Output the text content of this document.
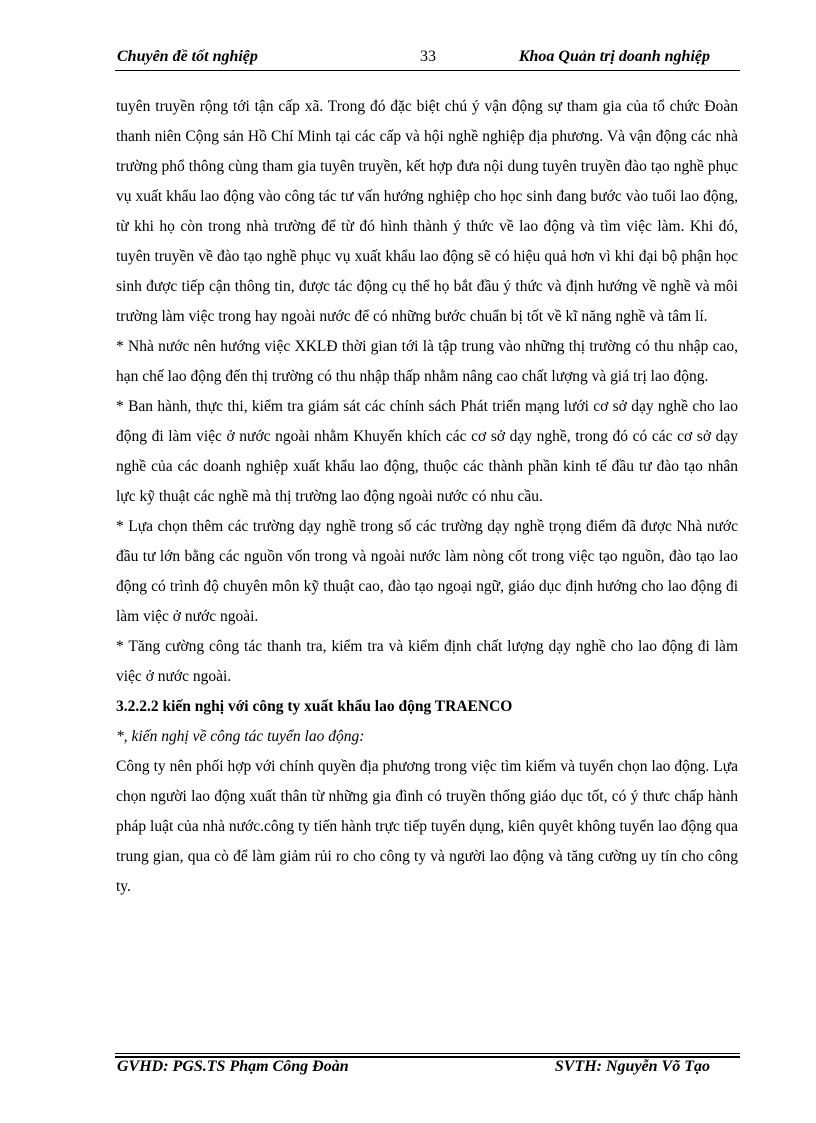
Chuyên đề tốt nghiệp	33	Khoa Quản trị doanh nghiệp

tuyên truyền rộng tới tận cấp xã. Trong đó đặc biệt chú ý vận động sự tham gia của tổ chức Đoàn thanh niên Cộng sản Hồ Chí Minh tại các cấp và hội nghề nghiệp địa phương. Và vận động các nhà trường phổ thông cùng tham gia tuyên truyền, kết hợp đưa nội dung tuyên truyền đào tạo nghề phục vụ xuất khẩu lao động vào công tác tư vấn hướng nghiệp cho học sinh đang bước vào tuổi lao động, từ khi họ còn trong nhà trường để từ đó hình thành ý thức về lao động và tìm việc làm. Khi đó, tuyên truyền về đào tạo nghề phục vụ xuất khẩu lao động sẽ có hiệu quả hơn vì khi đại bộ phận học sinh được tiếp cận thông tin, được tác động cụ thể họ bắt đầu ý thức và định hướng về nghề và môi trường làm việc trong hay ngoài nước để có những bước chuẩn bị tốt về kĩ năng nghề và tâm lí.

* Nhà nước nên hướng việc XKLĐ thời gian tới là tập trung vào những thị trường có thu nhập cao, hạn chế lao động đến thị trường có thu nhập thấp nhằm nâng cao chất lượng và giá trị lao động.

* Ban hành, thực thi, kiểm tra giám sát các chính sách Phát triển mạng lưới cơ sở dạy nghề cho lao động đi làm việc ở nước ngoài nhằm Khuyến khích các cơ sở dạy nghề, trong đó có các cơ sở dạy nghề của các doanh nghiệp xuất khẩu lao động, thuộc các thành phần kinh tế đầu tư đào tạo nhân lực kỹ thuật các nghề mà thị trường lao động ngoài nước có nhu cầu.

* Lựa chọn thêm các trường dạy nghề trong số các trường dạy nghề trọng điểm đã được Nhà nước đầu tư lớn bằng các nguồn vốn trong và ngoài nước làm nòng cốt trong việc tạo nguồn, đào tạo lao động có trình độ chuyên môn kỹ thuật cao, đào tạo ngoại ngữ, giáo dục định hướng cho lao động đi làm việc ở nước ngoài.

* Tăng cường công tác thanh tra, kiểm tra và kiểm định chất lượng dạy nghề cho lao động đi làm việc ở nước ngoài.

3.2.2.2 kiến nghị với công ty xuất khẩu lao động TRAENCO

*, kiến nghị về công tác tuyển lao động:

Công ty nên phối hợp với chính quyền địa phương trong việc tìm kiếm và tuyển chọn lao động. Lựa chọn người lao động xuất thân từ những gia đình có truyền thống giáo dục tốt, có ý thưc chấp hành pháp luật của nhà nước.công ty tiến hành trực tiếp tuyển dụng, kiên quyêt không tuyển lao động qua trung gian, qua cò để làm giảm rủi ro cho công ty và người lao động và tăng cường uy tín cho công ty.

GVHD: PGS.TS Phạm Công Đoàn	SVTH: Nguyễn Võ Tạo
